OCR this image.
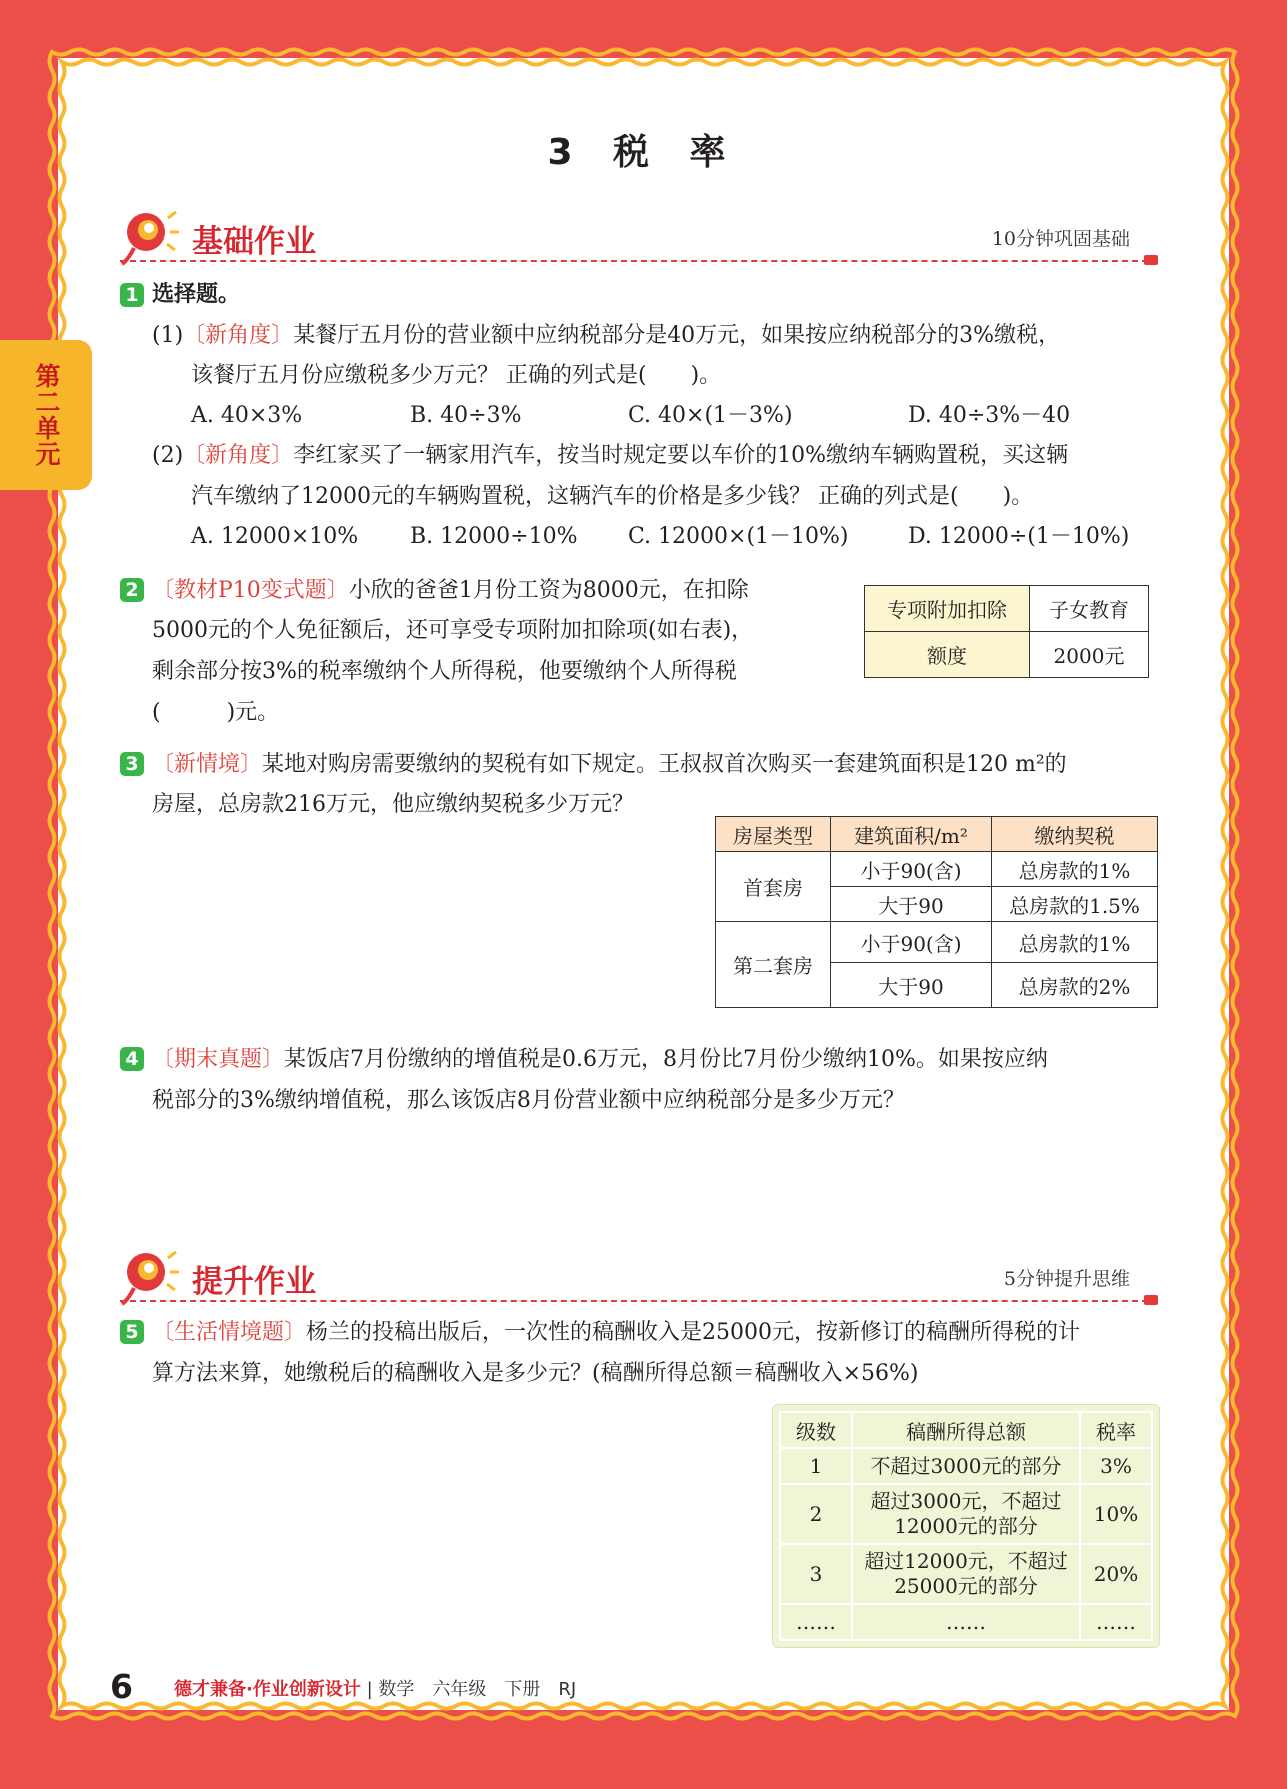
第二单元
3 税 率
基础作业	10分钟巩固基础
1 选择题。
(1)〔新角度〕某餐厅五月份的营业额中应纳税部分是40万元，如果按应纳税部分的3%缴税，
该餐厅五月份应缴税多少万元？ 正确的列式是(　　)。
A. 40×3%	B. 40÷3%	C. 40×(1－3%)	D. 40÷3%－40
(2)〔新角度〕李红家买了一辆家用汽车，按当时规定要以车价的10%缴纳车辆购置税，买这辆
汽车缴纳了12000元的车辆购置税，这辆汽车的价格是多少钱？ 正确的列式是(　　)。
A. 12000×10% B. 12000÷10% C. 12000×(1－10%)	D. 12000÷(1－10%)
2 〔教材P10变式题〕小欣的爸爸1月份工资为8000元，在扣除
5000元的个人免征额后，还可享受专项附加扣除项(如右表)，
剩余部分按3%的税率缴纳个人所得税，他要缴纳个人所得税
(　　　)元。
专项附加扣除	子女教育
额度	2000元
3 〔新情境〕某地对购房需要缴纳的契税有如下规定。王叔叔首次购买一套建筑面积是120 m²的
房屋，总房款216万元，他应缴纳契税多少万元？
房屋类型	建筑面积/m²	缴纳契税
首套房	小于90(含)	总房款的1%
	大于90	总房款的1.5%
第二套房	小于90(含)	总房款的1%
	大于90	总房款的2%
4 〔期末真题〕某饭店7月份缴纳的增值税是0.6万元，8月份比7月份少缴纳10%。如果按应纳
税部分的3%缴纳增值税，那么该饭店8月份营业额中应纳税部分是多少万元？
提升作业	5分钟提升思维
5 〔生活情境题〕杨兰的投稿出版后，一次性的稿酬收入是25000元，按新修订的稿酬所得税的计
算方法来算，她缴税后的稿酬收入是多少元？(稿酬所得总额＝稿酬收入×56%)
级数	稿酬所得总额	税率
1	不超过3000元的部分	3%
2	超过3000元，不超过
12000元的部分	10%
3	超过12000元，不超过
25000元的部分	20%
……	……	……
6 德才兼备·作业创新设计 | 数学　六年级　下册　RJ
